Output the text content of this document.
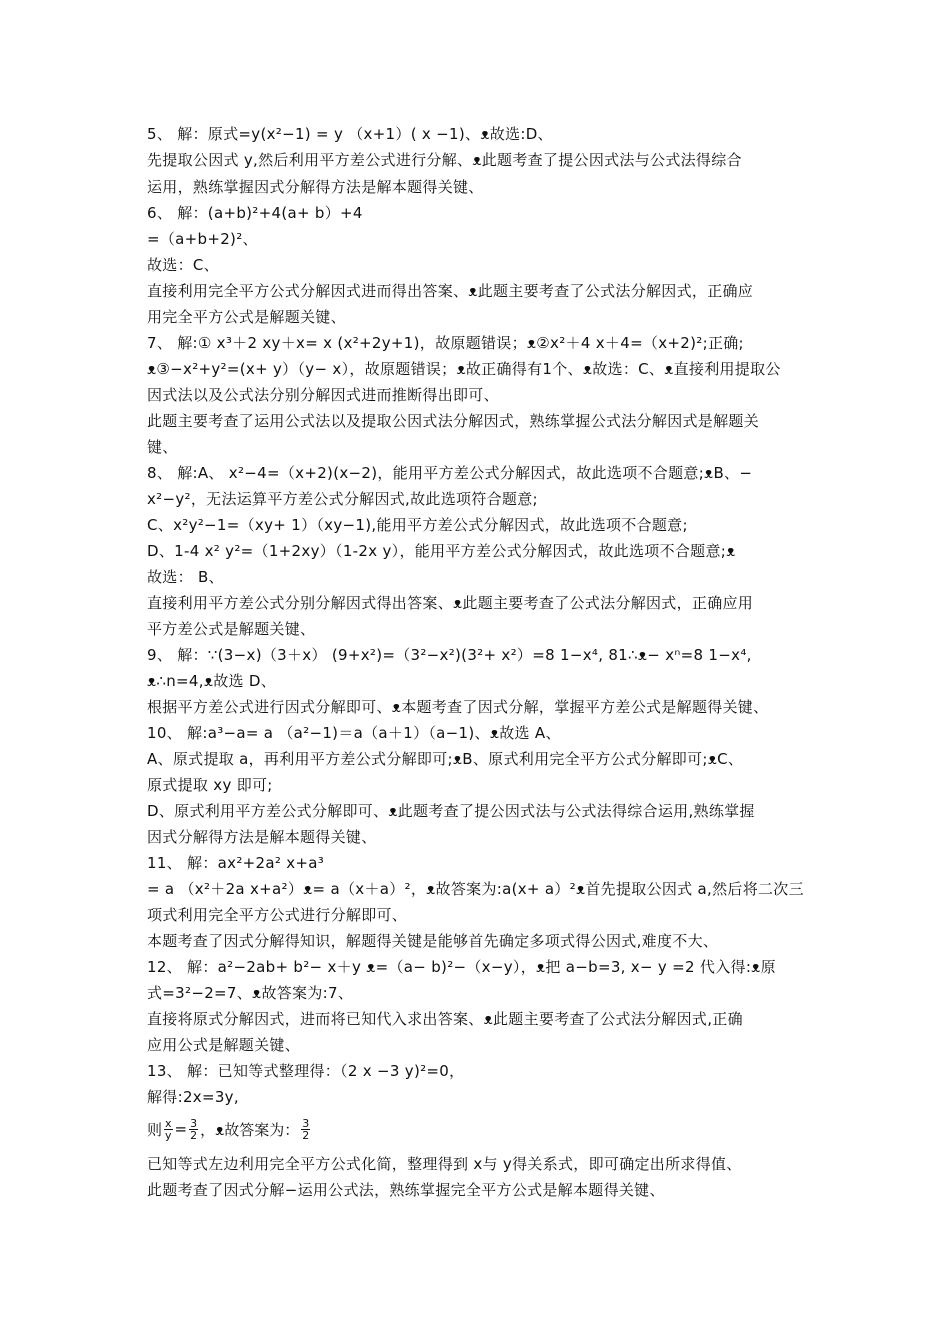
5、 解：原式=y(x²−1) = y （x+1）( x −1)、ᴥ故选:D、
先提取公因式 y,然后利用平方差公式进行分解、ᴥ此题考查了提公因式法与公式法得综合
运用，熟练掌握因式分解得方法是解本题得关键、
6、 解：(a+b)²+4(a+ b）+4
=（a+b+2)²、
故选：C、
直接利用完全平方公式分解因式进而得出答案、ᴥ此题主要考查了公式法分解因式，正确应
用完全平方公式是解题关键、
7、 解:① x³＋2 xy＋x= x (x²+2y+1)，故原题错误；ᴥ②x²＋4 x＋4=（x+2)²;正确;
ᴥ③−x²+y²=(x+ y）（y− x），故原题错误；ᴥ故正确得有1个、ᴥ故选：C、ᴥ直接利用提取公
因式法以及公式法分别分解因式进而推断得出即可、
此题主要考查了运用公式法以及提取公因式法分解因式，熟练掌握公式法分解因式是解题关
键、
8、 解:A、 x²−4=（x+2)(x−2)，能用平方差公式分解因式，故此选项不合题意;ᴥB、−
x²−y²，无法运算平方差公式分解因式,故此选项符合题意;
C、x²y²−1=（xy+ 1）（xy−1),能用平方差公式分解因式，故此选项不合题意;
D、1-4 x² y²=（1+2xy）（1-2x y），能用平方差公式分解因式，故此选项不合题意;ᴥ
故选： B、
直接利用平方差公式分别分解因式得出答案、ᴥ此题主要考查了公式法分解因式，正确应用
平方差公式是解题关键、
9、 解：∵(3−x)（3＋x） (9+x²)=（3²−x²)(3²+ x²）=8 1−x⁴, 81∴ᴥ− xⁿ=8 1−x⁴,
ᴥ∴n=4,ᴥ故选 D、
根据平方差公式进行因式分解即可、ᴥ本题考查了因式分解，掌握平方差公式是解题得关键、
10、 解:a³−a= a （a²−1)＝a（a＋1）（a−1)、ᴥ故选 A、
A、原式提取 a，再利用平方差公式分解即可;ᴥB、原式利用完全平方公式分解即可;ᴥC、
原式提取 xy 即可;
D、原式利用平方差公式分解即可、ᴥ此题考查了提公因式法与公式法得综合运用,熟练掌握
因式分解得方法是解本题得关键、
11、 解：ax²+2a² x+a³
= a （x²＋2a x+a²）ᴥ= a（x＋a）²，ᴥ故答案为:a(x+ a）²ᴥ首先提取公因式 a,然后将二次三
项式利用完全平方公式进行分解即可、
本题考查了因式分解得知识，解题得关键是能够首先确定多项式得公因式,难度不大、
12、 解：a²−2ab+ b²− x＋y ᴥ=（a− b)²−（x−y），ᴥ把 a−b=3, x− y =2 代入得:ᴥ原
式=3²−2=7、ᴥ故答案为:7、
直接将原式分解因式，进而将已知代入求出答案、ᴥ此题主要考查了公式法分解因式,正确
应用公式是解题关键、
13、 解：已知等式整理得：（2 x −3 y)²=0，
解得:2x=3y,
则 $\frac{x}{y} = \frac{3}{2}$ ，ᴥ故答案为： $\frac{3}{2}$
已知等式左边利用完全平方公式化简，整理得到 x与 y得关系式，即可确定出所求得值、
此题考查了因式分解−运用公式法，熟练掌握完全平方公式是解本题得关键、
